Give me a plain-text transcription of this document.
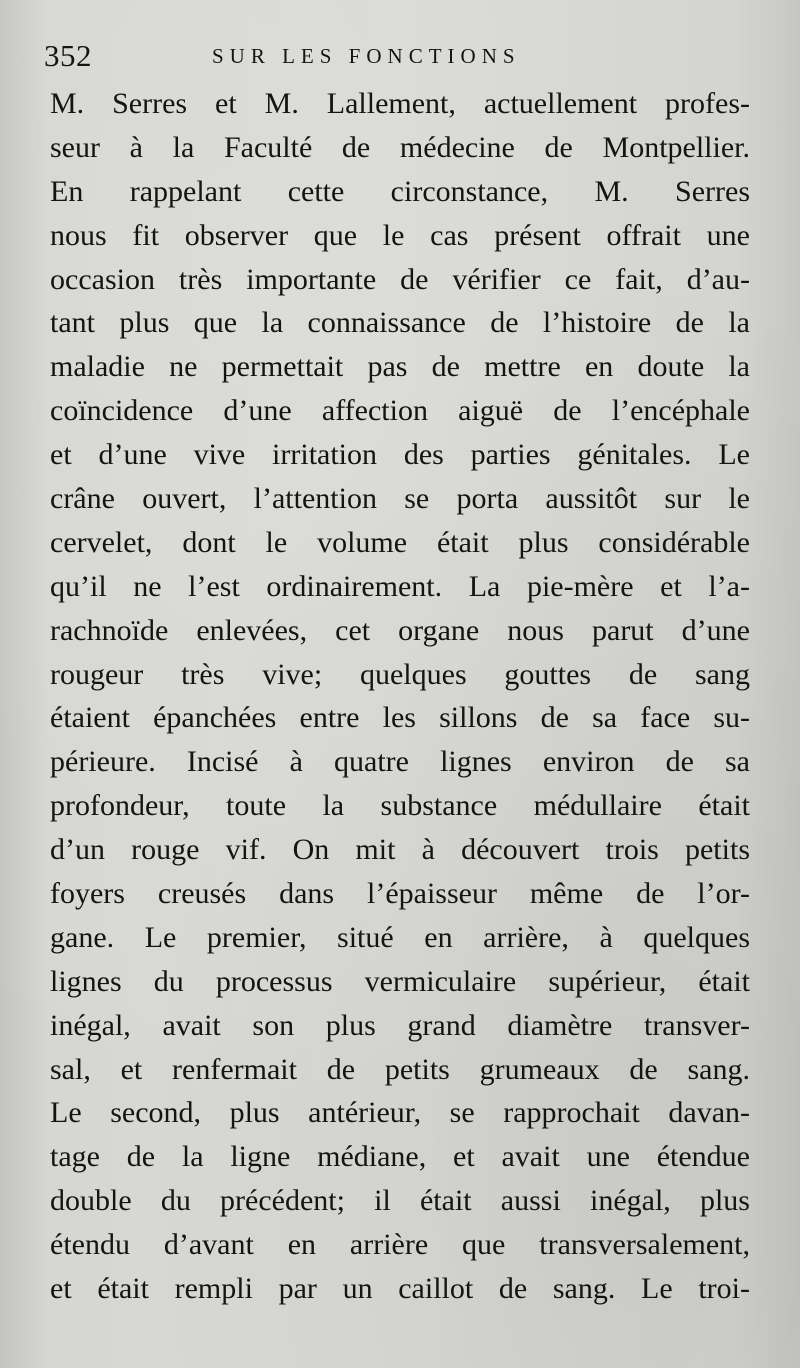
352	SUR LES FONCTIONS
M. Serres et M. Lallement, actuellement profes-
seur à la Faculté de médecine de Montpellier.
En rappelant cette circonstance, M. Serres
nous fit observer que le cas présent offrait une
occasion très importante de vérifier ce fait, d’au-
tant plus que la connaissance de l’histoire de la
maladie ne permettait pas de mettre en doute la
coïncidence d’une affection aiguë de l’encéphale
et d’une vive irritation des parties génitales. Le
crâne ouvert, l’attention se porta aussitôt sur le
cervelet, dont le volume était plus considérable
qu’il ne l’est ordinairement. La pie-mère et l’a-
rachnoïde enlevées, cet organe nous parut d’une
rougeur très vive; quelques gouttes de sang
étaient épanchées entre les sillons de sa face su-
périeure. Incisé à quatre lignes environ de sa
profondeur, toute la substance médullaire était
d’un rouge vif. On mit à découvert trois petits
foyers creusés dans l’épaisseur même de l’or-
gane. Le premier, situé en arrière, à quelques
lignes du processus vermiculaire supérieur, était
inégal, avait son plus grand diamètre transver-
sal, et renfermait de petits grumeaux de sang.
Le second, plus antérieur, se rapprochait davan-
tage de la ligne médiane, et avait une étendue
double du précédent; il était aussi inégal, plus
étendu d’avant en arrière que transversalement,
et était rempli par un caillot de sang. Le troi-
